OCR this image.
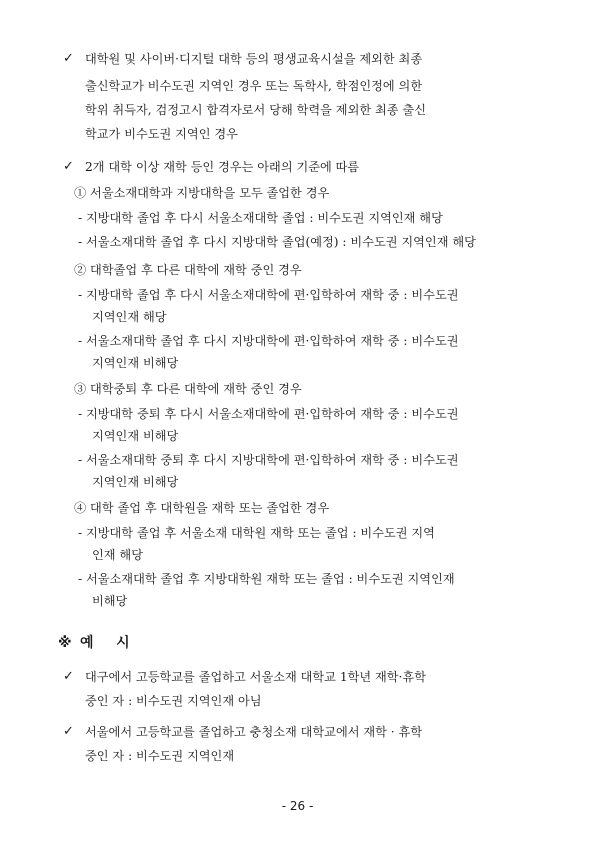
✓ 대학원 및 사이버·디지털 대학 등의 평생교육시설을 제외한 최종
출신학교가 비수도권 지역인 경우 또는 독학사, 학점인정에 의한
학위 취득자, 검정고시 합격자로서 당해 학력을 제외한 최종 출신
학교가 비수도권 지역인 경우
✓ 2개 대학 이상 재학 등인 경우는 아래의 기준에 따름
① 서울소재대학과 지방대학을 모두 졸업한 경우
- 지방대학 졸업 후 다시 서울소재대학 졸업 : 비수도권 지역인재 해당
- 서울소재대학 졸업 후 다시 지방대학 졸업(예정) : 비수도권 지역인재 해당
② 대학졸업 후 다른 대학에 재학 중인 경우
- 지방대학 졸업 후 다시 서울소재대학에 편·입학하여 재학 중 : 비수도권
지역인재 해당
- 서울소재대학 졸업 후 다시 지방대학에 편·입학하여 재학 중 : 비수도권
지역인재 비해당
③ 대학중퇴 후 다른 대학에 재학 중인 경우
- 지방대학 중퇴 후 다시 서울소재대학에 편·입학하여 재학 중 : 비수도권
지역인재 비해당
- 서울소재대학 중퇴 후 다시 지방대학에 편·입학하여 재학 중 : 비수도권
지역인재 비해당
④ 대학 졸업 후 대학원을 재학 또는 졸업한 경우
- 지방대학 졸업 후 서울소재 대학원 재학 또는 졸업 : 비수도권 지역
인재 해당
- 서울소재대학 졸업 후 지방대학원 재학 또는 졸업 : 비수도권 지역인재
비해당
※ 예   시
✓ 대구에서 고등학교를 졸업하고 서울소재 대학교 1학년 재학·휴학
중인 자 : 비수도권 지역인재 아님
✓ 서울에서 고등학교를 졸업하고 충청소재 대학교에서 재학 · 휴학
중인 자 : 비수도권 지역인재
- 26 -
